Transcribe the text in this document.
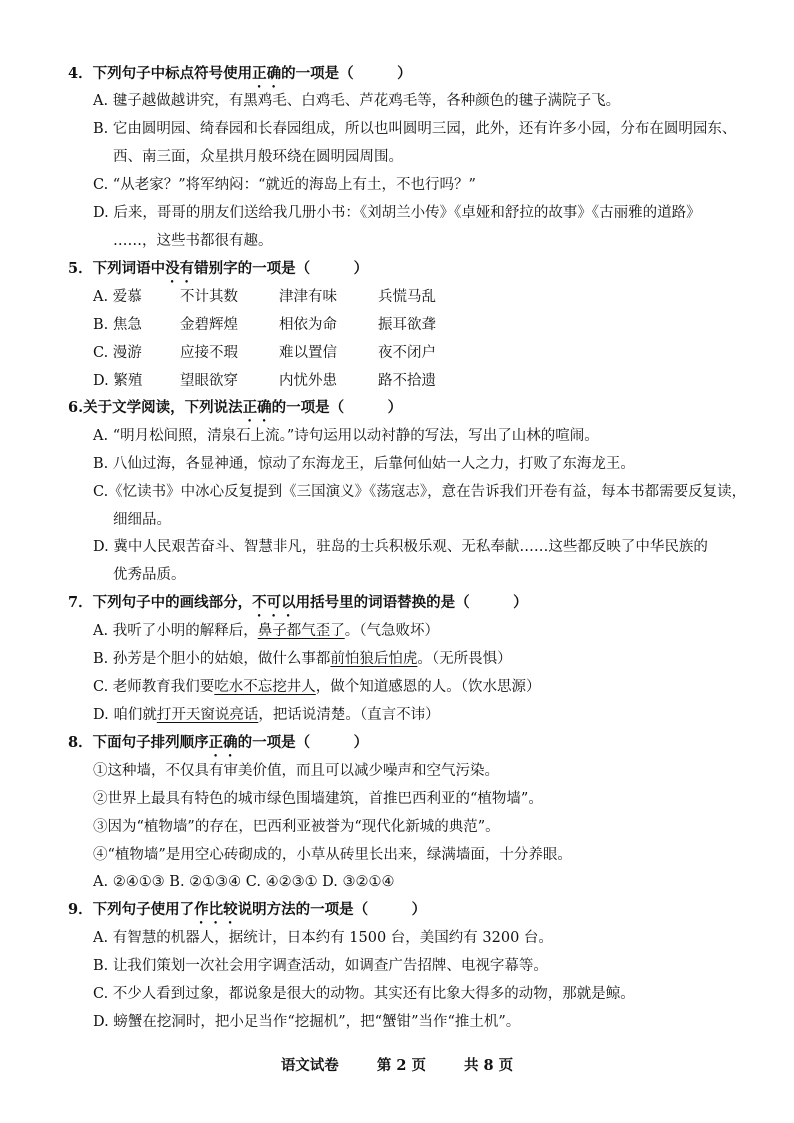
4．下列句子中标点符号使用正确的一项是（　　　）
A. 毽子越做越讲究，有黑鸡毛、白鸡毛、芦花鸡毛等，各种颜色的毽子满院子飞。
B. 它由圆明园、绮春园和长春园组成，所以也叫圆明三园，此外，还有许多小园，分布在圆明园东、
西、南三面，众星拱月般环绕在圆明园周围。
C. “从老家？”将军纳闷：“就近的海岛上有土，不也行吗？”
D. 后来，哥哥的朋友们送给我几册小书：《刘胡兰小传》《卓娅和舒拉的故事》《古丽雅的道路》
……，这些书都很有趣。
5．下列词语中没有错别字的一项是（　　　）
A. 爱慕	不计其数	津津有味	兵慌马乱
B. 焦急	金碧辉煌	相依为命	振耳欲聋
C. 漫游	应接不瑕	难以置信	夜不闭户
D. 繁殖	望眼欲穿	内忧外患	路不拾遗
6.关于文学阅读，下列说法正确的一项是（　　　）
A. “明月松间照，清泉石上流。”诗句运用以动衬静的写法，写出了山林的喧闹。
B. 八仙过海，各显神通，惊动了东海龙王，后靠何仙姑一人之力，打败了东海龙王。
C.《忆读书》中冰心反复提到《三国演义》《荡寇志》，意在告诉我们开卷有益，每本书都需要反复读，
细细品。
D. 冀中人民艰苦奋斗、智慧非凡，驻岛的士兵积极乐观、无私奉献……这些都反映了中华民族的
优秀品质。
7．下列句子中的画线部分，不可以用括号里的词语替换的是（　　　）
A. 我听了小明的解释后，鼻子都气歪了。（气急败坏）
B. 孙芳是个胆小的姑娘，做什么事都前怕狼后怕虎。（无所畏惧）
C. 老师教育我们要吃水不忘挖井人，做个知道感恩的人。（饮水思源）
D. 咱们就打开天窗说亮话，把话说清楚。（直言不讳）
8．下面句子排列顺序正确的一项是（　　　）
①这种墙，不仅具有审美价值，而且可以减少噪声和空气污染。
②世界上最具有特色的城市绿色围墙建筑，首推巴西利亚的“植物墙”。
③因为“植物墙”的存在，巴西利亚被誉为“现代化新城的典范”。
④“植物墙”是用空心砖砌成的，小草从砖里长出来，绿满墙面，十分养眼。
A. ②④①③ B. ②①③④ C. ④②③① D. ③②①④
9．下列句子使用了作比较说明方法的一项是（　　　）
A. 有智慧的机器人，据统计，日本约有 1500 台，美国约有 3200 台。
B. 让我们策划一次社会用字调查活动，如调查广告招牌、电视字幕等。
C. 不少人看到过象，都说象是很大的动物。其实还有比象大得多的动物，那就是鲸。
D. 螃蟹在挖洞时，把小足当作“挖掘机”，把“蟹钳”当作“推土机”。
语文试卷	第 2 页	共 8 页
